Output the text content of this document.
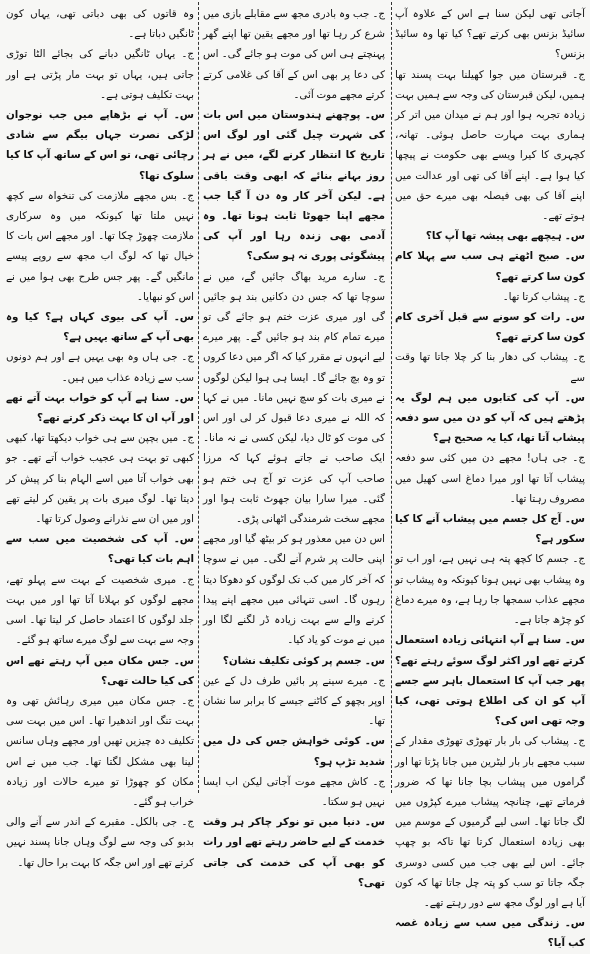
آجاتی تھی لیکن سنا ہے اس کے علاوہ آپ سائیڈ بزنس بھی کرتے تھے؟ کیا تھا وہ سائیڈ بزنس؟

ج۔ قبرستان میں جوا کھیلنا بہت پسند تھا ہمیں، لیکن قبرستان کی وجہ سے ہمیں بہت زیادہ تجربہ ہوا اور ہم نے میدان میں اتر کر ہماری بہت مہارت حاصل ہوئی۔ تھانہ، کچہری کا کیرا ویسے بھی حکومت نے پیچھا کیا ہوا ہے۔ اپنے آقا کی تھی اور عدالت میں اپنے آقا کی بھی فیصلہ بھی میرے حق میں ہوتے تھے۔

س۔ ہیچھے بھی پیشہ تھا آپ کا؟

س۔ صبح اٹھتے ہی سب سے پہلا کام کون سا کرتے تھے؟

ج۔ پیشاب کرتا تھا۔

س۔ رات کو سونے سے قبل آخری کام کون سا کرتے تھے؟

ج۔ پیشاب کی دھار بنا کر چلا جاتا تھا وقت سے

س۔ آپ کی کتابوں میں ہم لوگ یہ پڑھتے ہیں کہ آپ کو دن میں سو دفعہ پیشاب آتا تھا، کیا یہ صحیح ہے؟

ج۔ جی ہاں! مجھے دن میں کئی سو دفعہ پیشاب آتا تھا اور میرا دماغ اسی کھیل میں مصروف رہتا تھا۔

س۔ آج کل جسم میں پیشاب آنے کا کیا سکور ہے؟

ج۔ جسم کا کچھ پتہ ہی نہیں ہے، اور اب تو وہ پیشاب بھی نہیں ہوتا کیونکہ وہ پیشاب تو مجھے عذاب سمجھا جا رہا ہے، وہ میرے دماغ کو چڑھ جاتا ہے۔

س۔ سنا ہے آپ انتہائی زیادہ استعمال کرتے تھے اور اکثر لوگ سوئے رہتے تھے؟ پھر جب آپ کا استعمال باہر سے جسے آپ کو ان کی اطلاع ہوتی تھی، کیا وجہ تھی اس کی؟

ج۔ پیشاب کی بار بار تھوڑی تھوڑی مقدار کے سبب مجھے بار بار لیٹرین میں جانا پڑتا تھا اور گراموں میں پیشاب بچا جانا تھا کہ ضرور فرماتے تھے، چنانچہ پیشاب میرے کپڑوں میں لگ جاتا تھا۔ اسی لیے گرمیوں کے موسم میں بھی زیادہ استعمال کرتا تھا تاکہ بو چھپ جائے۔ اس لیے بھی جب میں کسی دوسری جگہ جاتا تو سب کو پتہ چل جاتا تھا کہ کون آیا ہے اور لوگ مجھ سے دور رہتے تھے۔

س۔ زندگی میں سب سے زیادہ غصہ کب آیا؟

ج۔ جب وہ بادری مجھ سے مقابلے بازی میں شرع کر رہا تھا اور مجھے یقین تھا اپنے گھر پہنچتے ہی اس کی موت ہو جائے گی۔ اس کی دعا پر بھی اس کے آقا کی غلامی کرتے کرتے مجھے موت آئی۔

س۔ پوچھنے ہندوستان میں اس بات کی شہرت چیل گئی اور لوگ اس تاریخ کا انتظار کرنے لگے، میں نے ہر روز بہانے بنائے کہ ابھی وقت باقی ہے۔ لیکن آخر کار وہ دن آ گیا جب مجھے اپنا جھوٹا ثابت ہونا تھا۔ وہ آدمی بھی زندہ رہا اور آپ کی پیشگوئی پوری نہ ہو سکی؟

ج۔ سارے مرید بھاگ جائیں گے، میں نے سوچا تھا کہ جس دن دکانیں بند ہو جائیں گی اور میری عزت ختم ہو جائے گی تو میرے تمام کام بند ہو جائیں گے۔ پھر میرے لیے انہوں نے مقرر کیا کہ اگر میں دعا کروں تو وہ بچ جائے گا۔ ایسا ہی ہوا لیکن لوگوں نے میری بات کو سچ نہیں مانا۔ میں نے کہا کہ اللہ نے میری دعا قبول کر لی اور اس کی موت کو ٹال دیا، لیکن کسی نے نہ مانا۔ ایک صاحب نے جاتے ہوئے کہا کہ مرزا صاحب آپ کی عزت تو آج ہی ختم ہو گئی۔ میرا سارا بیان جھوٹ ثابت ہوا اور مجھے سخت شرمندگی اٹھانی پڑی۔

اس دن میں معذور ہو کر بیٹھ گیا اور مجھے اپنی حالت پر شرم آنے لگی۔ میں نے سوچا کہ آخر کار میں کب تک لوگوں کو دھوکا دیتا رہوں گا۔ اسی تنہائی میں مجھے اپنے پیدا کرنے والے سے بہت زیادہ ڈر لگنے لگا اور میں نے موت کو یاد کیا۔

س۔ جسم پر کوئی تکلیف نشان؟

ج۔ میرے سینے پر بائیں طرف دل کے عین اوپر بچھو کے کاٹنے جیسے کا برابر سا نشان تھا۔

س۔ کوئی خواہش جس کی دل میں شدید تڑپ ہو؟

ج۔ کاش مجھے موت آجاتی لیکن اب ایسا نہیں ہو سکتا۔

س۔ دنیا میں تو نوکر چاکر ہر وقت خدمت کے لیے حاضر رہتے تھے اور رات کو بھی آپ کی خدمت کی جاتی تھی؟

وہ قاتوں کی بھی دباتی تھی، یہاں کون ٹانگیں دباتا ہے۔

ج۔ یہاں ٹانگیں دبانے کی بجائے الٹا توڑی جاتی ہیں، یہاں تو بہت مار پڑتی ہے اور بہت تکلیف ہوتی ہے۔

س۔ آپ نے بڑھاپے میں جب نوجوان لڑکی نصرت جہاں بیگم سے شادی رچائی تھی، تو اس کے ساتھ آپ کا کیا سلوک تھا؟

ج۔ بس مجھے ملازمت کی تنخواہ سے کچھ نہیں ملتا تھا کیونکہ میں وہ سرکاری ملازمت چھوڑ چکا تھا۔ اور مجھے اس بات کا خیال تھا کہ لوگ اب مجھ سے روپے پیسے مانگیں گے۔ پھر جس طرح بھی ہوا میں نے اس کو نبھایا۔

س۔ آپ کی بیوی کہاں ہے؟ کیا وہ بھی آپ کے ساتھ یہیں ہے؟

ج۔ جی ہاں وہ بھی یہیں ہے اور ہم دونوں سب سے زیادہ عذاب میں ہیں۔

س۔ سنا ہے آپ کو خواب بہت آتے تھے اور آپ ان کا بہت ذکر کرتے تھے؟

ج۔ میں بچپن سے ہی خواب دیکھتا تھا، کبھی کبھی تو بہت ہی عجیب خواب آتے تھے۔ جو بھی خواب آتا میں اسے الہام بنا کر پیش کر دیتا تھا۔ لوگ میری بات پر یقین کر لیتے تھے اور میں ان سے نذرانے وصول کرتا تھا۔

س۔ آپ کی شخصیت میں سب سے اہم بات کیا تھی؟

ج۔ میری شخصیت کے بہت سے پہلو تھے، مجھے لوگوں کو بہلانا آتا تھا اور میں بہت جلد لوگوں کا اعتماد حاصل کر لیتا تھا۔ اسی وجہ سے بہت سے لوگ میرے ساتھ ہو گئے۔

س۔ جس مکان میں آپ رہتے تھے اس کی کیا حالت تھی؟

ج۔ جس مکان میں میری رہائش تھی وہ بہت تنگ اور اندھیرا تھا۔ اس میں بہت سی تکلیف دہ چیزیں تھیں اور مجھے وہاں سانس لینا بھی مشکل لگتا تھا۔ جب میں نے اس مکان کو چھوڑا تو میرے حالات اور زیادہ خراب ہو گئے۔

ج۔ جی بالکل۔ مقبرے کے اندر سے آنے والی بدبو کی وجہ سے لوگ وہاں جانا پسند نہیں کرتے تھے اور اس جگہ کا بہت برا حال تھا۔
